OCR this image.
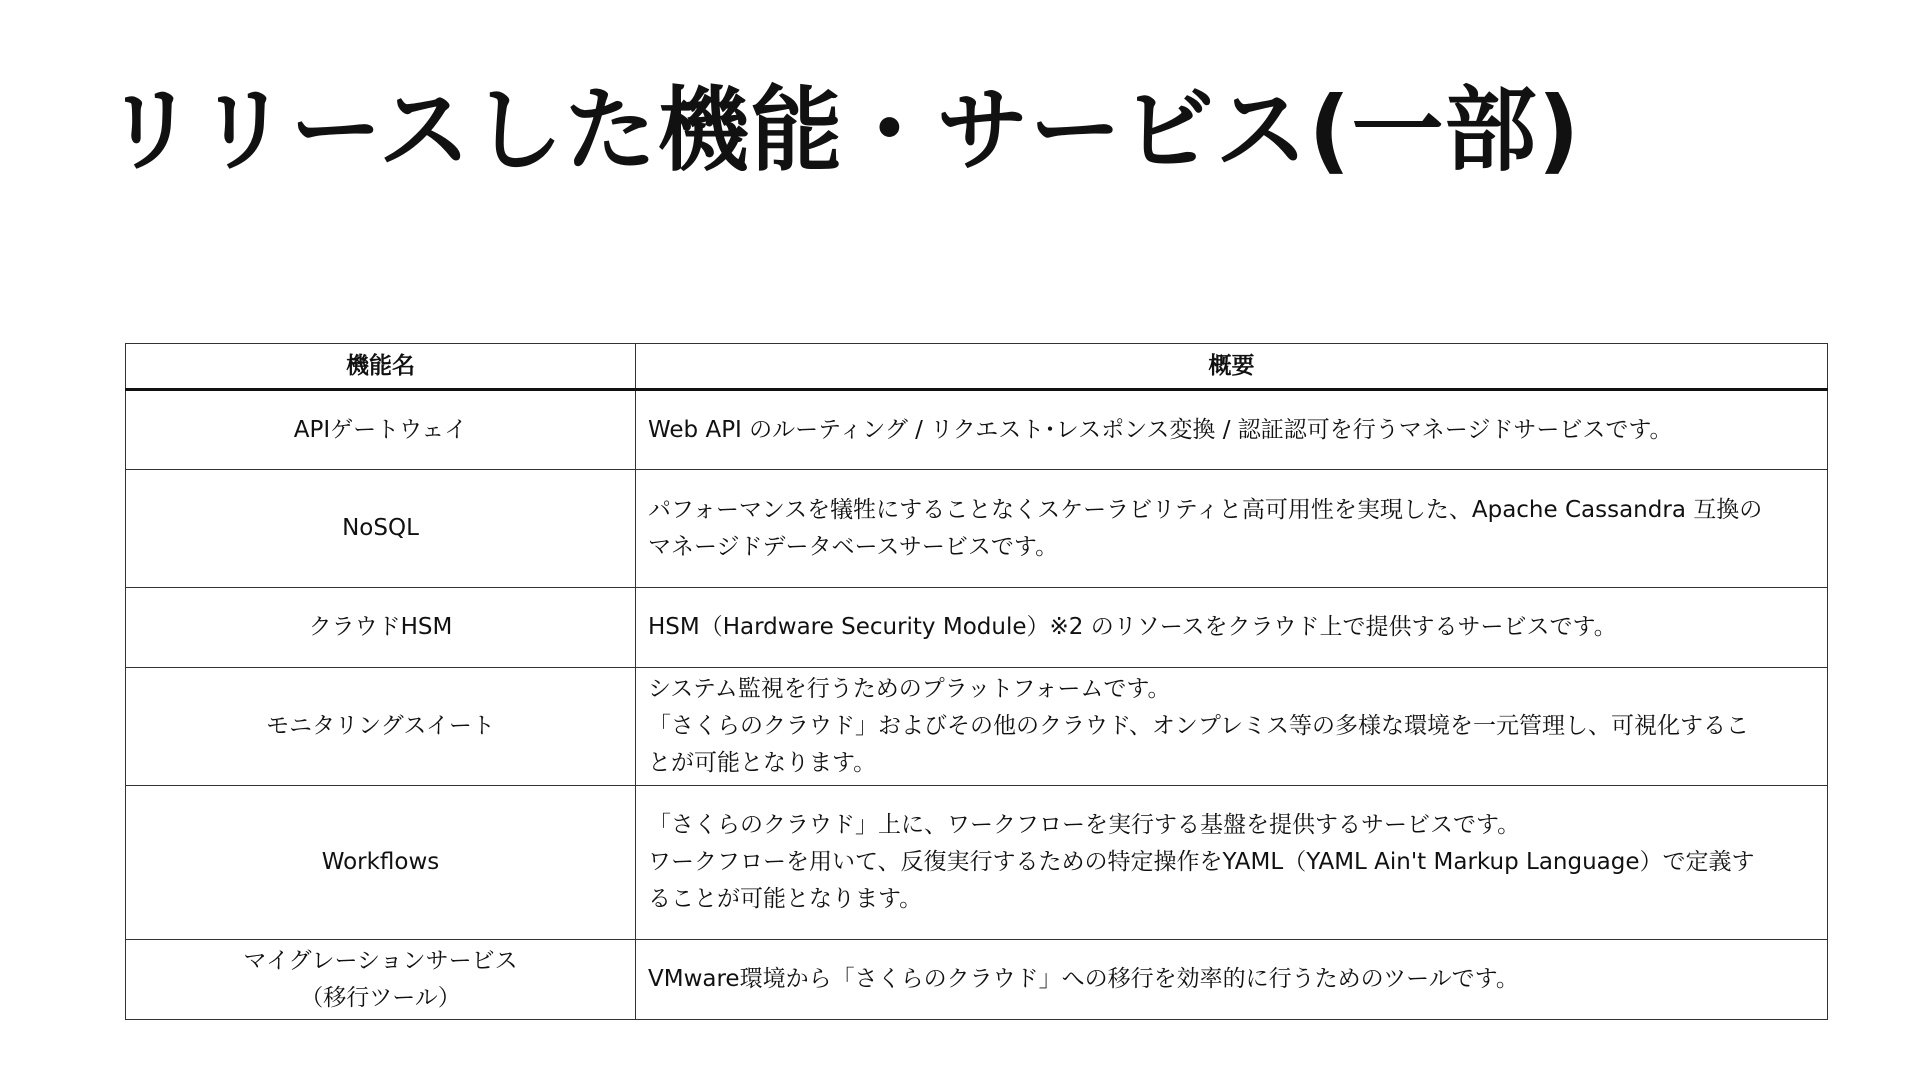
リリースした機能・サービス(一部)
機能名	概要

APIゲートウェイ	Web API のルーティング / リクエスト･レスポンス変換 / 認証認可を行うマネージドサービスです。

NoSQL	パフォーマンスを犠牲にすることなくスケーラビリティと高可用性を実現した、Apache Cassandra 互換の
マネージドデータベースサービスです。

クラウドHSM	HSM（Hardware Security Module）※2 のリソースをクラウド上で提供するサービスです。

モニタリングスイート	システム監視を行うためのプラットフォームです。
「さくらのクラウド」およびその他のクラウド、オンプレミス等の多様な環境を一元管理し、可視化するこ
とが可能となります。

Workflows	「さくらのクラウド」上に、ワークフローを実行する基盤を提供するサービスです。
ワークフローを用いて、反復実行するための特定操作をYAML（YAML Ain't Markup Language）で定義す
ることが可能となります。

マイグレーションサービス
（移行ツール）	VMware環境から「さくらのクラウド」への移行を効率的に行うためのツールです。
